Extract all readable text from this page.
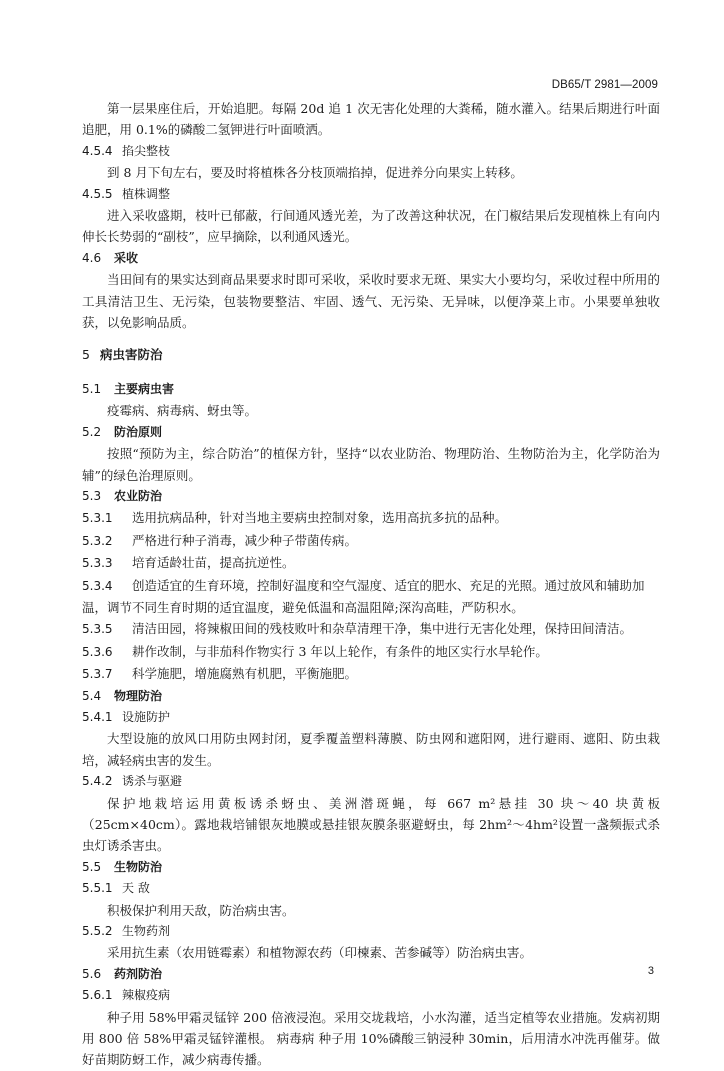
DB65/T 2981—2009

第一层果座住后，开始追肥。每隔 20d 追 1 次无害化处理的大粪稀，随水灌入。结果后期进行叶面追肥，用 0.1%的磷酸二氢钾进行叶面喷洒。

4.5.4 掐尖整枝

到 8 月下旬左右，要及时将植株各分枝顶端掐掉，促进养分向果实上转移。

4.5.5 植株调整

进入采收盛期，枝叶已郁蔽，行间通风透光差，为了改善这种状况，在门椒结果后发现植株上有向内伸长长势弱的“副枝”，应早摘除，以利通风透光。

4.6 采收

当田间有的果实达到商品果要求时即可采收，采收时要求无斑、果实大小要均匀，采收过程中所用的工具清洁卫生、无污染，包装物要整洁、牢固、透气、无污染、无异味，以便净菜上市。小果要单独收获，以免影响品质。

5 病虫害防治
5.1 主要病虫害

疫霉病、病毒病、蚜虫等。

5.2 防治原则

按照“预防为主，综合防治”的植保方针，坚持“以农业防治、物理防治、生物防治为主，化学防治为辅”的绿色治理原则。

5.3 农业防治

5.3.1 选用抗病品种，针对当地主要病虫控制对象，选用高抗多抗的品种。

5.3.2 严格进行种子消毒，减少种子带菌传病。

5.3.3 培育适龄壮苗，提高抗逆性。

5.3.4 创造适宜的生育环境，控制好温度和空气湿度、适宜的肥水、充足的光照。通过放风和辅助加温，调节不同生育时期的适宜温度，避免低温和高温阻障;深沟高畦，严防积水。

5.3.5 清洁田园，将辣椒田间的残枝败叶和杂草清理干净，集中进行无害化处理，保持田间清洁。

5.3.6 耕作改制，与非茄科作物实行 3 年以上轮作，有条件的地区实行水旱轮作。

5.3.7 科学施肥，增施腐熟有机肥，平衡施肥。

5.4 物理防治
5.4.1 设施防护

大型设施的放风口用防虫网封闭，夏季覆盖塑料薄膜、防虫网和遮阳网，进行避雨、遮阳、防虫栽培，减轻病虫害的发生。

5.4.2 诱杀与驱避

保护地栽培运用黄板诱杀蚜虫、美洲潜斑蝇，每 667 m²悬挂 30 块～40 块黄板（25cm×40cm）。露地栽培铺银灰地膜或悬挂银灰膜条驱避蚜虫，每 2hm²～4hm²设置一盏频振式杀虫灯诱杀害虫。

5.5 生物防治
5.5.1 天 敌

积极保护利用天敌，防治病虫害。

5.5.2 生物药剂

采用抗生素（农用链霉素）和植物源农药（印楝素、苦参碱等）防治病虫害。

5.6 药剂防治
5.6.1 辣椒疫病

种子用 58%甲霜灵锰锌 200 倍液浸泡。采用交垅栽培，小水沟灌，适当定植等农业措施。发病初期用 800 倍 58%甲霜灵锰锌灌根。 病毒病 种子用 10%磷酸三钠浸种 30min，后用清水冲洗再催芽。做好苗期防蚜工作，减少病毒传播。

3
